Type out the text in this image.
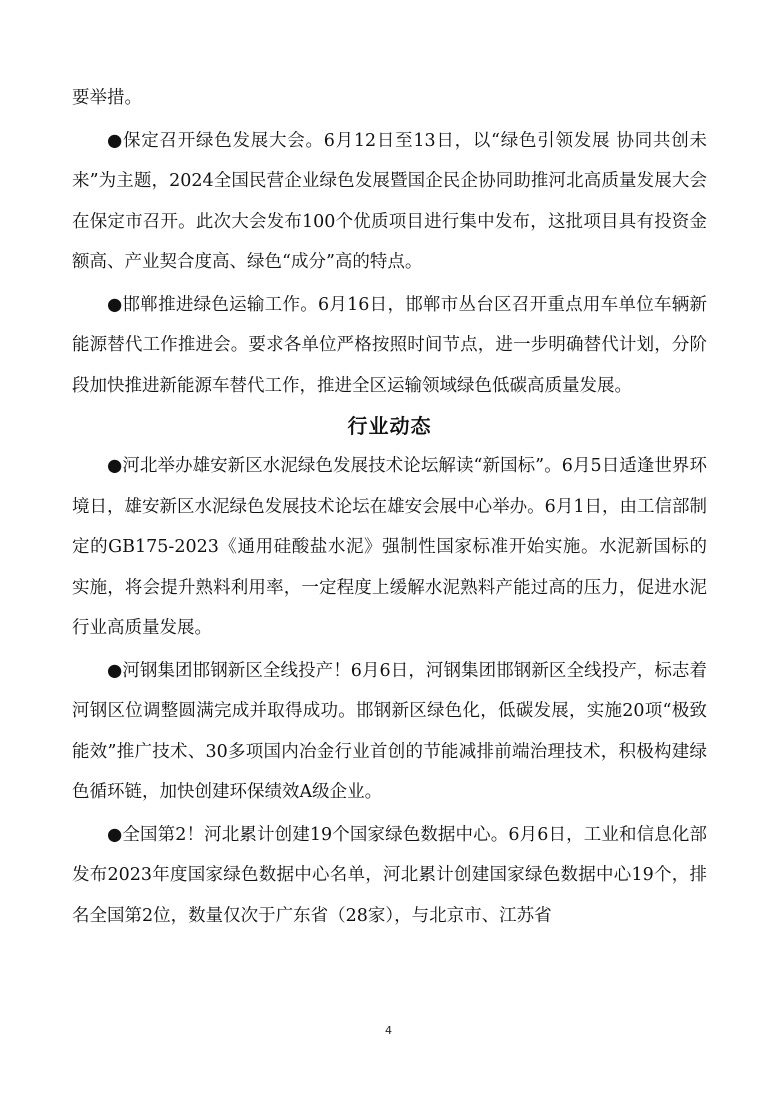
要举措。

●保定召开绿色发展大会。6月12日至13日，以“绿色引领发展 协同共创未来”为主题，2024全国民营企业绿色发展暨国企民企协同助推河北高质量发展大会在保定市召开。此次大会发布100个优质项目进行集中发布，这批项目具有投资金额高、产业契合度高、绿色“成分”高的特点。

●邯郸推进绿色运输工作。6月16日，邯郸市丛台区召开重点用车单位车辆新能源替代工作推进会。要求各单位严格按照时间节点，进一步明确替代计划，分阶段加快推进新能源车替代工作，推进全区运输领域绿色低碳高质量发展。

行业动态

●河北举办雄安新区水泥绿色发展技术论坛解读“新国标”。6月5日适逢世界环境日，雄安新区水泥绿色发展技术论坛在雄安会展中心举办。6月1日，由工信部制定的GB175-2023《通用硅酸盐水泥》强制性国家标准开始实施。水泥新国标的实施，将会提升熟料利用率，一定程度上缓解水泥熟料产能过高的压力，促进水泥行业高质量发展。

●河钢集团邯钢新区全线投产！6月6日，河钢集团邯钢新区全线投产，标志着河钢区位调整圆满完成并取得成功。邯钢新区绿色化，低碳发展，实施20项“极致能效”推广技术、30多项国内冶金行业首创的节能减排前端治理技术，积极构建绿色循环链，加快创建环保绩效A级企业。

●全国第2！河北累计创建19个国家绿色数据中心。6月6日，工业和信息化部发布2023年度国家绿色数据中心名单，河北累计创建国家绿色数据中心19个，排名全国第2位，数量仅次于广东省（28家），与北京市、江苏省

4
